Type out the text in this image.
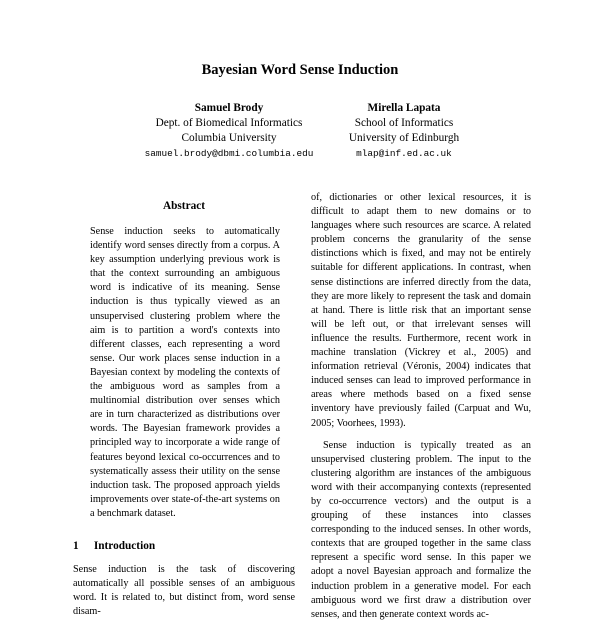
Bayesian Word Sense Induction
Samuel Brody
Dept. of Biomedical Informatics
Columbia University
samuel.brody@dbmi.columbia.edu
Mirella Lapata
School of Informatics
University of Edinburgh
mlap@inf.ed.ac.uk
Abstract

Sense induction seeks to automatically identify word senses directly from a corpus. A key assumption underlying previous work is that the context surrounding an ambiguous word is indicative of its meaning. Sense induction is thus typically viewed as an unsupervised clustering problem where the aim is to partition a word's contexts into different classes, each representing a word sense. Our work places sense induction in a Bayesian context by modeling the contexts of the ambiguous word as samples from a multinomial distribution over senses which are in turn characterized as distributions over words. The Bayesian framework provides a principled way to incorporate a wide range of features beyond lexical co-occurrences and to systematically assess their utility on the sense induction task. The proposed approach yields improvements over state-of-the-art systems on a benchmark dataset.

1 Introduction

Sense induction is the task of discovering automatically all possible senses of an ambiguous word. It is related to, but distinct from, word sense disam-

of, dictionaries or other lexical resources, it is difficult to adapt them to new domains or to languages where such resources are scarce. A related problem concerns the granularity of the sense distinctions which is fixed, and may not be entirely suitable for different applications. In contrast, when sense distinctions are inferred directly from the data, they are more likely to represent the task and domain at hand. There is little risk that an important sense will be left out, or that irrelevant senses will influence the results. Furthermore, recent work in machine translation (Vickrey et al., 2005) and information retrieval (Véronis, 2004) indicates that induced senses can lead to improved performance in areas where methods based on a fixed sense inventory have previously failed (Carpuat and Wu, 2005; Voorhees, 1993).

Sense induction is typically treated as an unsupervised clustering problem. The input to the clustering algorithm are instances of the ambiguous word with their accompanying contexts (represented by co-occurrence vectors) and the output is a grouping of these instances into classes corresponding to the induced senses. In other words, contexts that are grouped together in the same class represent a specific word sense. In this paper we adopt a novel Bayesian approach and formalize the induction problem in a generative model. For each ambiguous word we first draw a distribution over senses, and then generate context words ac-
